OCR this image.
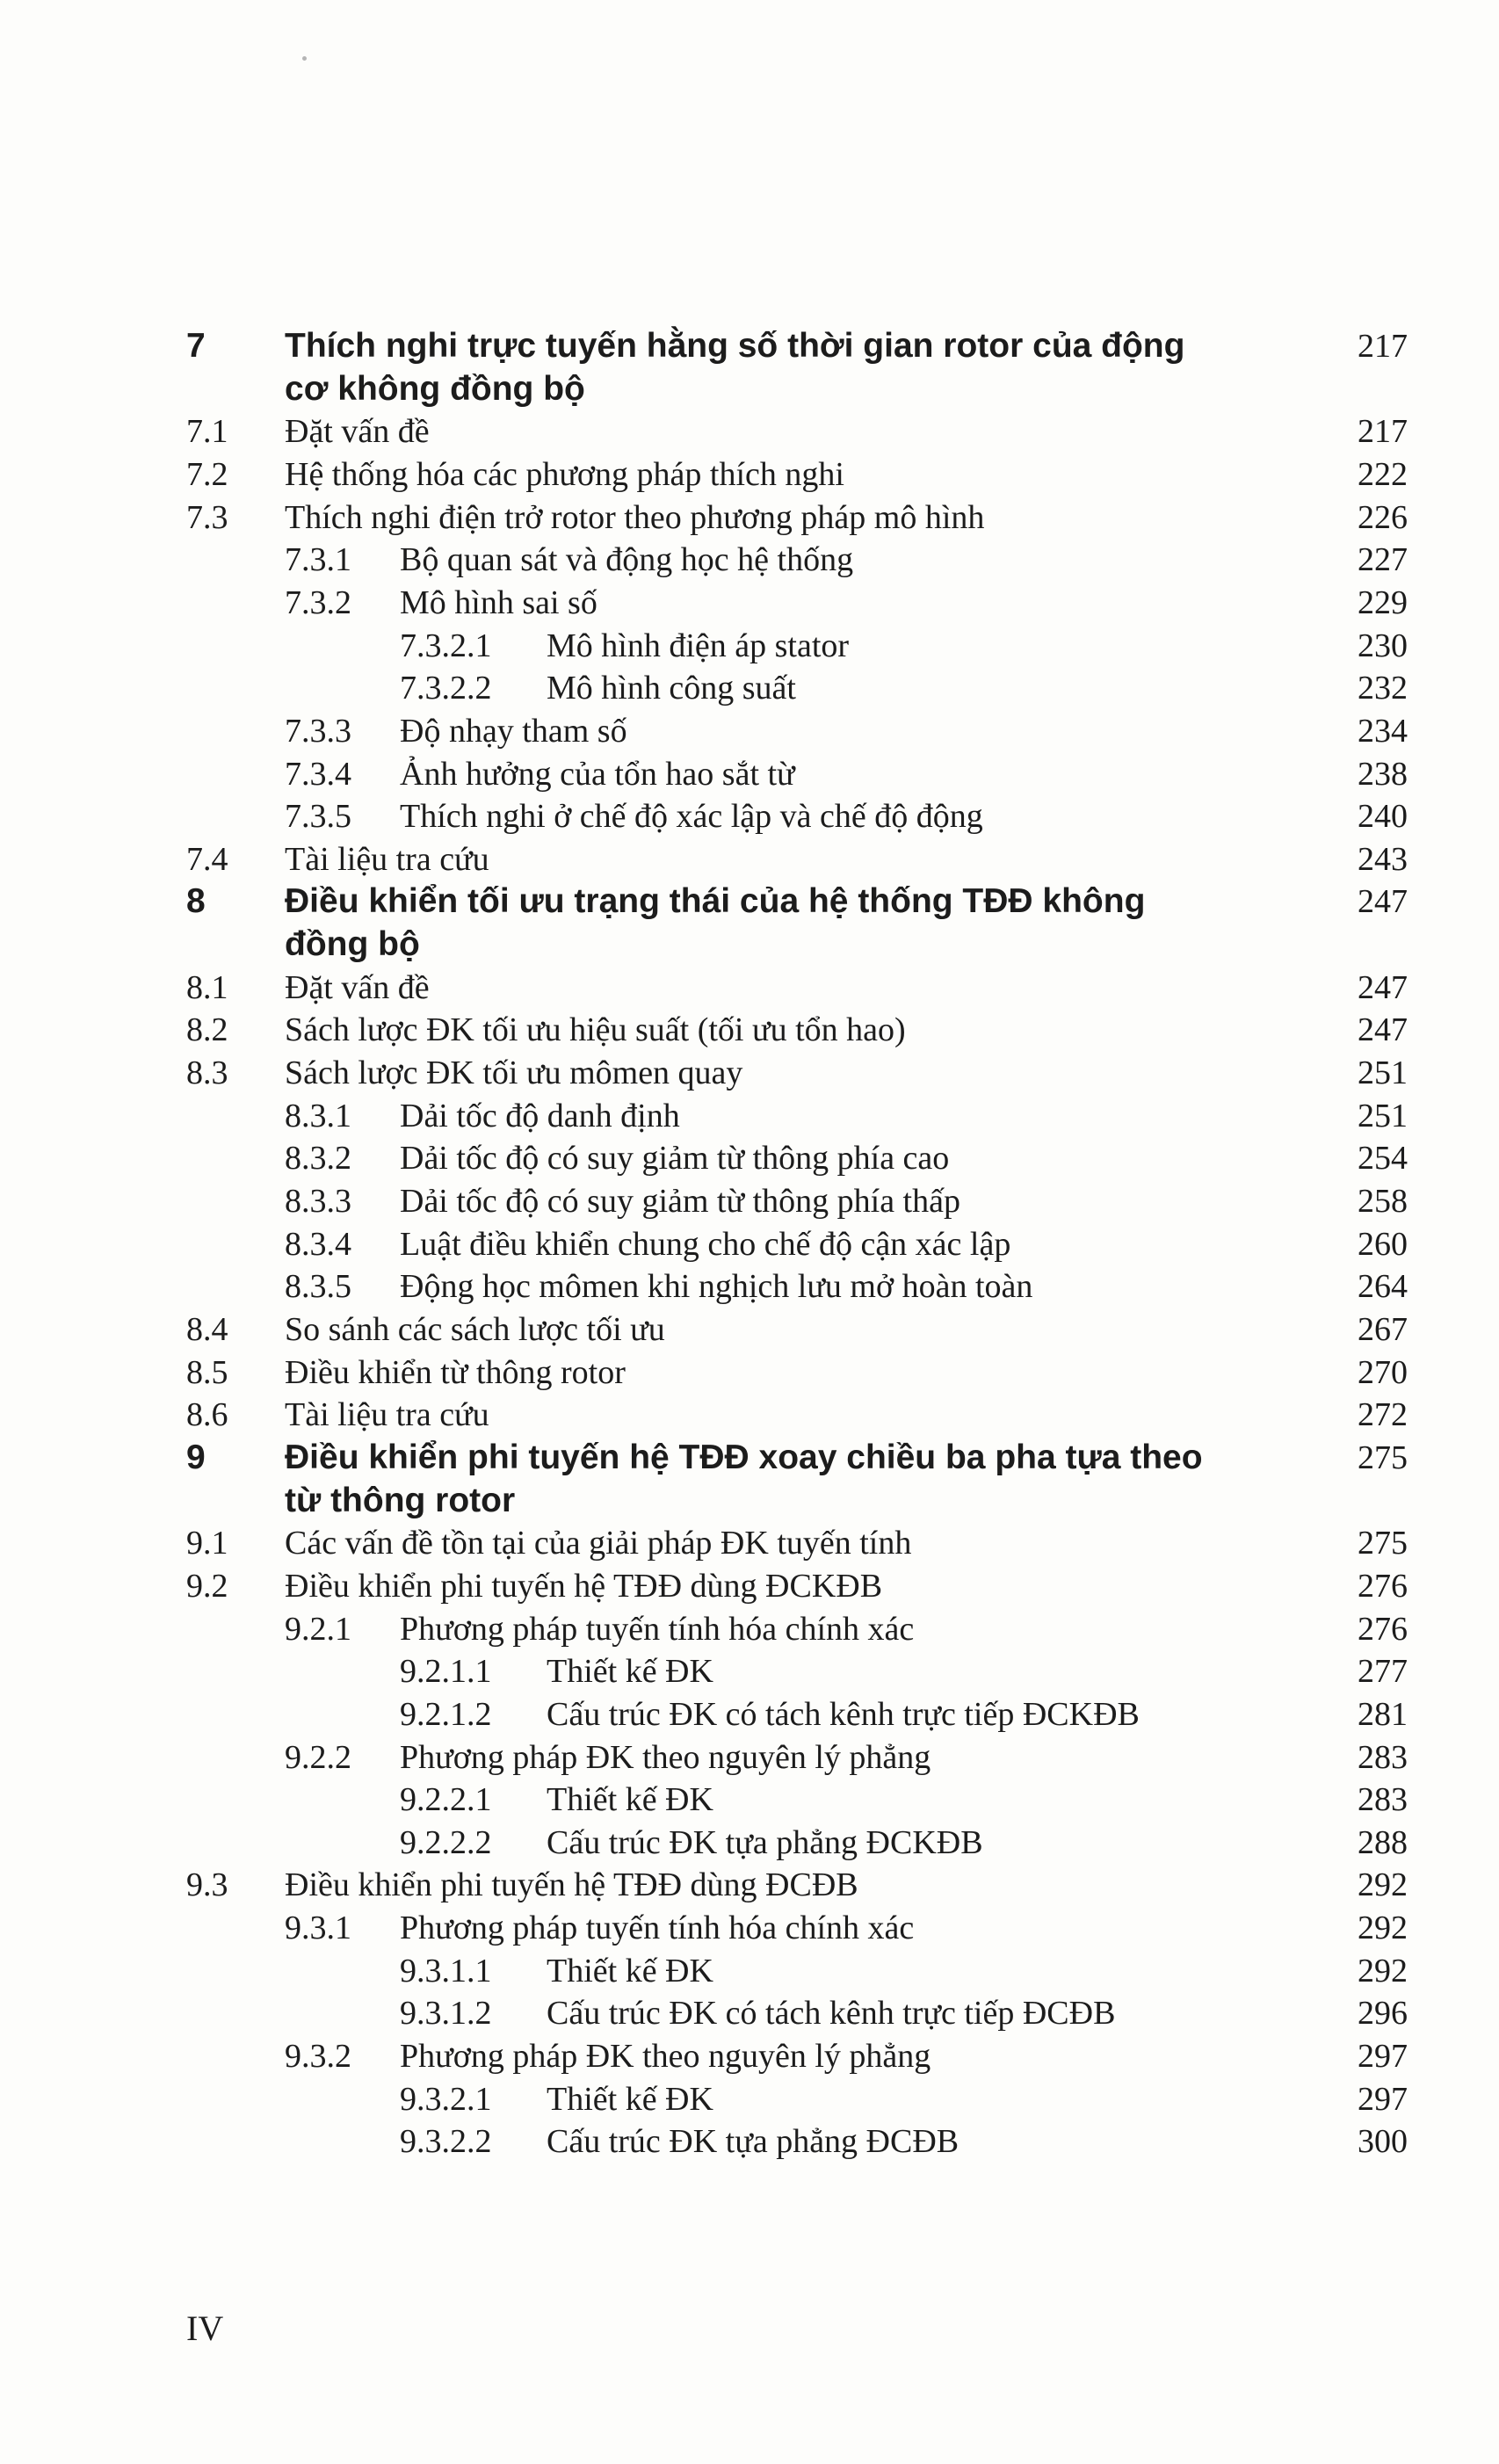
7 Thích nghi trực tuyến hằng số thời gian rotor của động	217
cơ không đồng bộ
7.1 Đặt vấn đề	217
7.2 Hệ thống hóa các phương pháp thích nghi	222
7.3 Thích nghi điện trở rotor theo phương pháp mô hình	226
7.3.1 Bộ quan sát và động học hệ thống	227
7.3.2 Mô hình sai số	229
7.3.2.1 Mô hình điện áp stator	230
7.3.2.2 Mô hình công suất	232
7.3.3 Độ nhạy tham số	234
7.3.4 Ảnh hưởng của tổn hao sắt từ	238
7.3.5 Thích nghi ở chế độ xác lập và chế độ động	240
7.4 Tài liệu tra cứu	243
8 Điều khiển tối ưu trạng thái của hệ thống TĐĐ không	247
đồng bộ
8.1 Đặt vấn đề	247
8.2 Sách lược ĐK tối ưu hiệu suất (tối ưu tổn hao)	247
8.3 Sách lược ĐK tối ưu mômen quay	251
8.3.1 Dải tốc độ danh định	251
8.3.2 Dải tốc độ có suy giảm từ thông phía cao	254
8.3.3 Dải tốc độ có suy giảm từ thông phía thấp	258
8.3.4 Luật điều khiển chung cho chế độ cận xác lập	260
8.3.5 Động học mômen khi nghịch lưu mở hoàn toàn	264
8.4 So sánh các sách lược tối ưu	267
8.5 Điều khiển từ thông rotor	270
8.6 Tài liệu tra cứu	272
9 Điều khiển phi tuyến hệ TĐĐ xoay chiều ba pha tựa theo	275
từ thông rotor
9.1 Các vấn đề tồn tại của giải pháp ĐK tuyến tính	275
9.2 Điều khiển phi tuyến hệ TĐĐ dùng ĐCKĐB	276
9.2.1 Phương pháp tuyến tính hóa chính xác	276
9.2.1.1 Thiết kế ĐK	277
9.2.1.2 Cấu trúc ĐK có tách kênh trực tiếp ĐCKĐB	281
9.2.2 Phương pháp ĐK theo nguyên lý phẳng	283
9.2.2.1 Thiết kế ĐK	283
9.2.2.2 Cấu trúc ĐK tựa phẳng ĐCKĐB	288
9.3 Điều khiển phi tuyến hệ TĐĐ dùng ĐCĐB	292
9.3.1 Phương pháp tuyến tính hóa chính xác	292
9.3.1.1 Thiết kế ĐK	292
9.3.1.2 Cấu trúc ĐK có tách kênh trực tiếp ĐCĐB	296
9.3.2 Phương pháp ĐK theo nguyên lý phẳng	297
9.3.2.1 Thiết kế ĐK	297
9.3.2.2 Cấu trúc ĐK tựa phẳng ĐCĐB	300
IV
